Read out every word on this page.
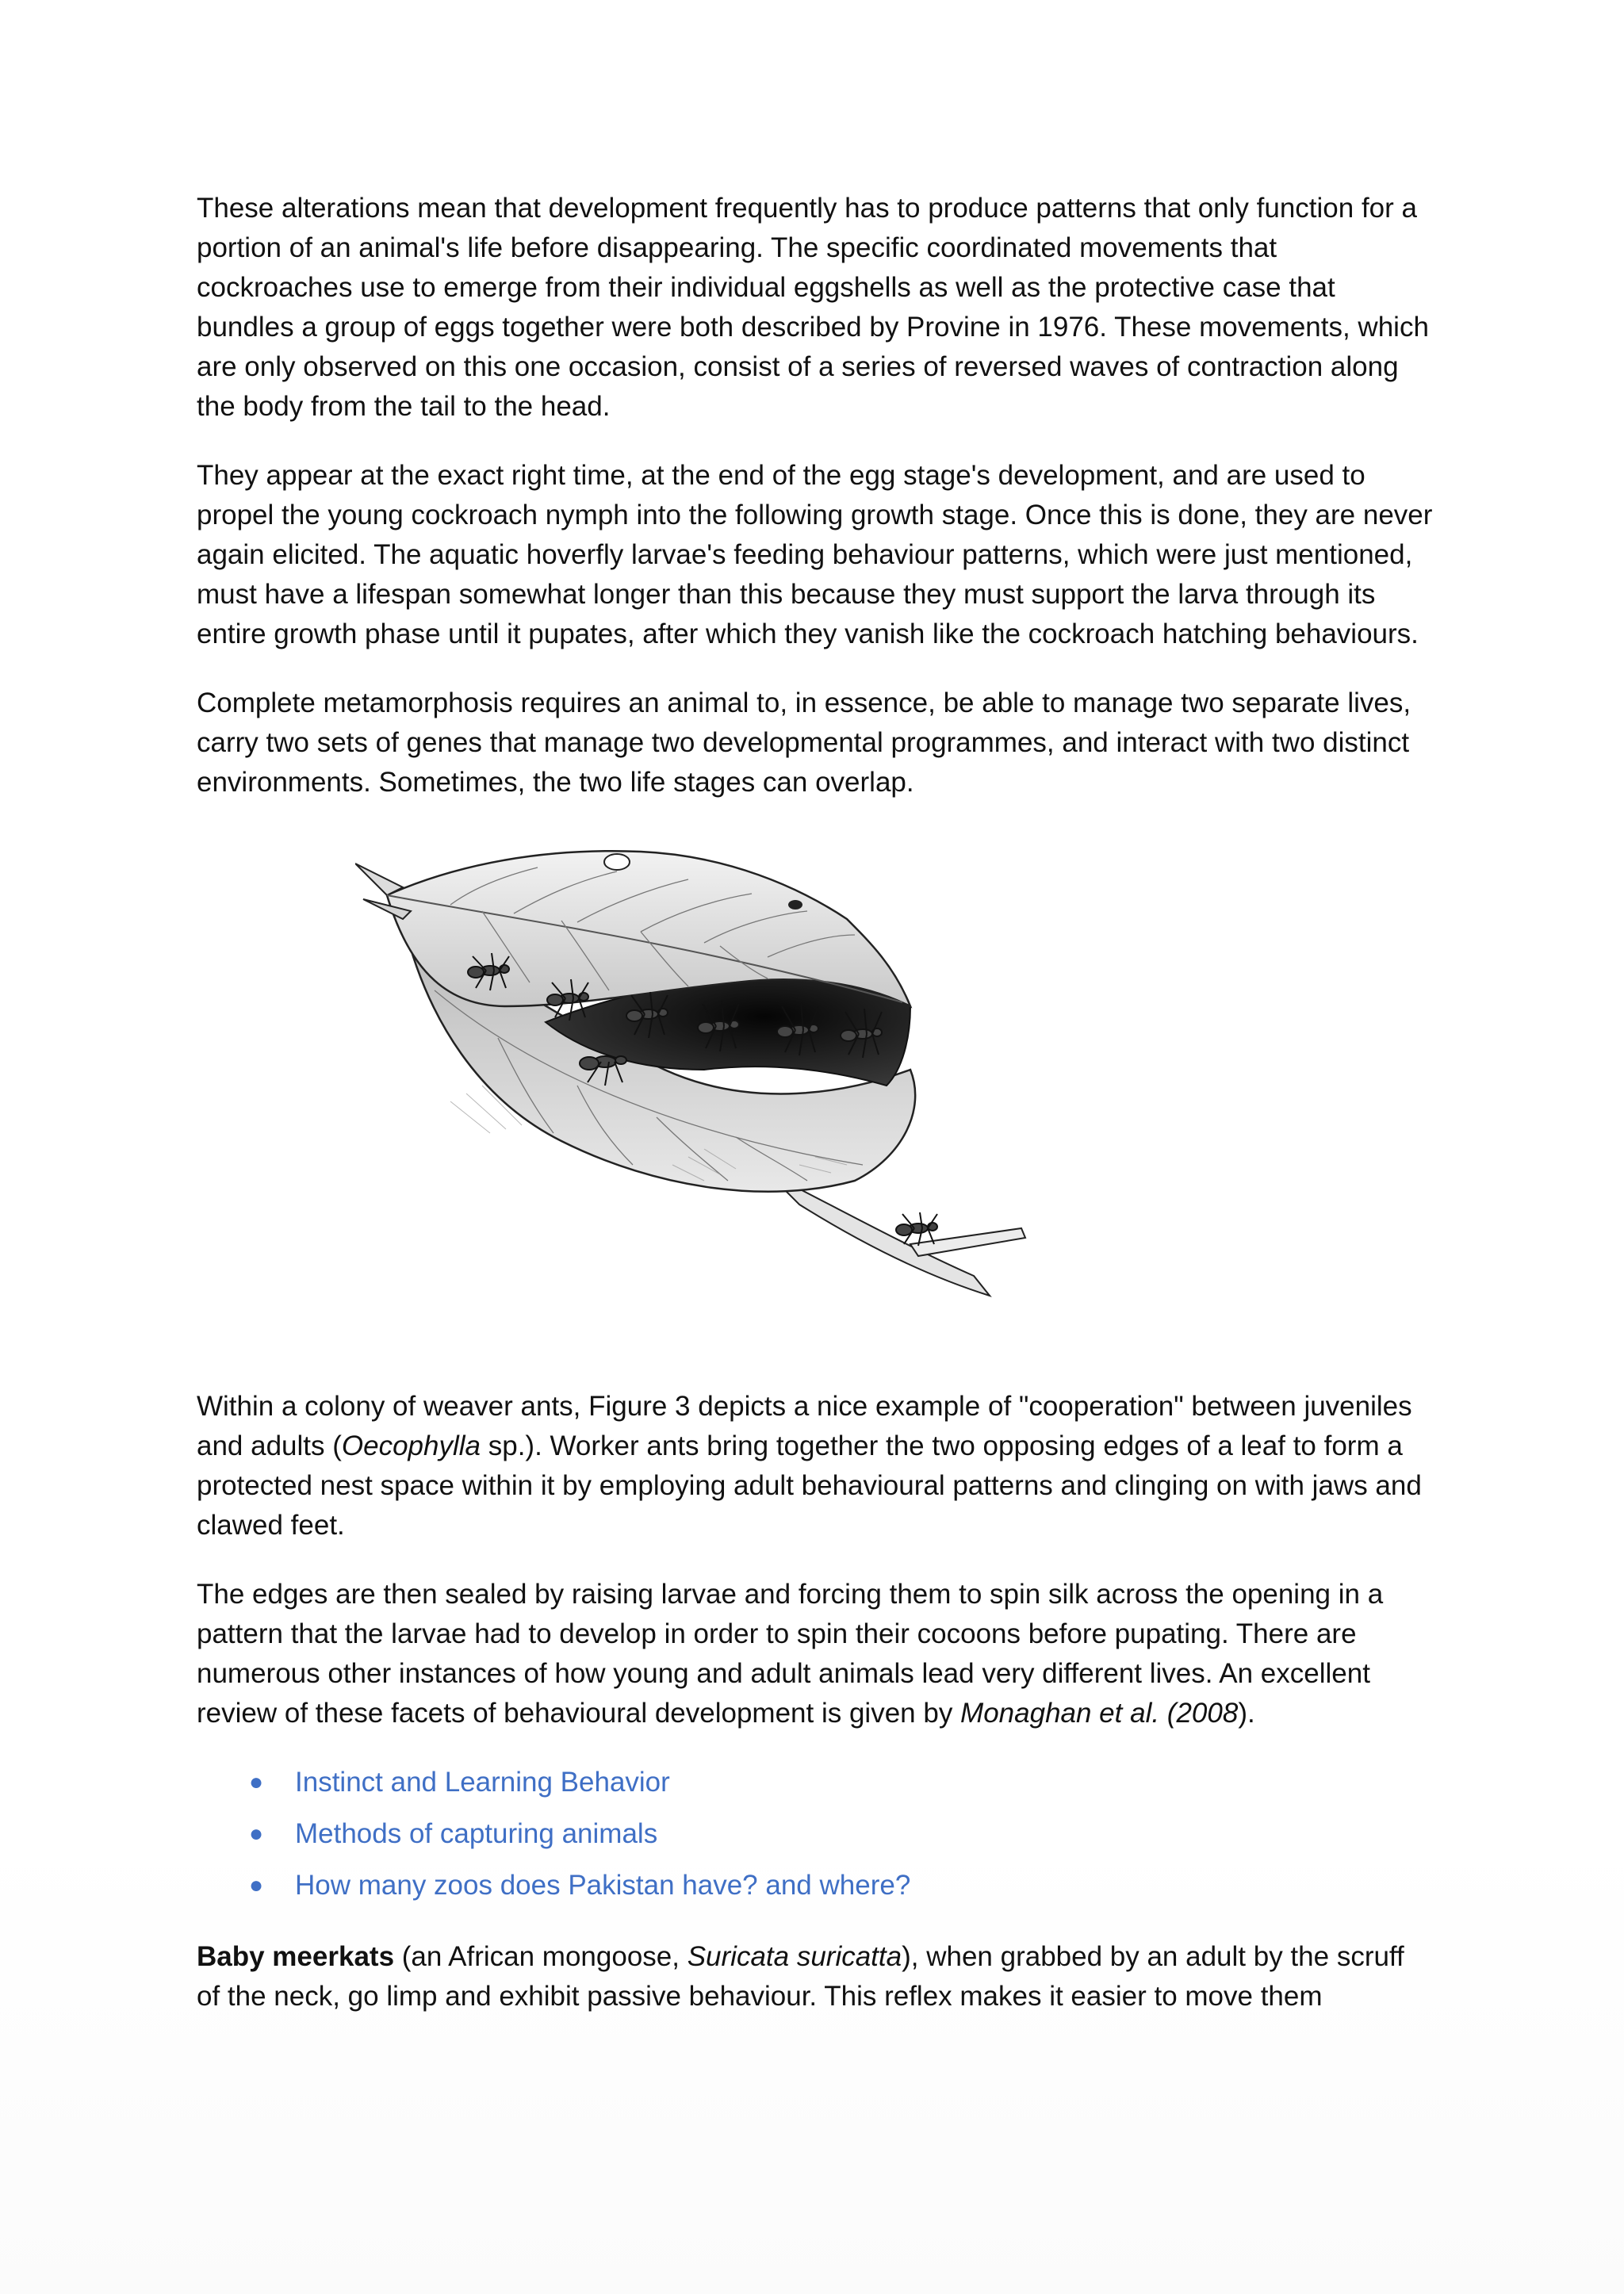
These alterations mean that development frequently has to produce patterns that only function for a portion of an animal's life before disappearing. The specific coordinated movements that cockroaches use to emerge from their individual eggshells as well as the protective case that bundles a group of eggs together were both described by Provine in 1976. These movements, which are only observed on this one occasion, consist of a series of reversed waves of contraction along the body from the tail to the head.

They appear at the exact right time, at the end of the egg stage's development, and are used to propel the young cockroach nymph into the following growth stage. Once this is done, they are never again elicited. The aquatic hoverfly larvae's feeding behaviour patterns, which were just mentioned, must have a lifespan somewhat longer than this because they must support the larva through its entire growth phase until it pupates, after which they vanish like the cockroach hatching behaviours.

Complete metamorphosis requires an animal to, in essence, be able to manage two separate lives, carry two sets of genes that manage two developmental programmes, and interact with two distinct environments. Sometimes, the two life stages can overlap.

Within a colony of weaver ants, Figure 3 depicts a nice example of "cooperation" between juveniles and adults (Oecophylla sp.). Worker ants bring together the two opposing edges of a leaf to form a protected nest space within it by employing adult behavioural patterns and clinging on with jaws and clawed feet.

The edges are then sealed by raising larvae and forcing them to spin silk across the opening in a pattern that the larvae had to develop in order to spin their cocoons before pupating. There are numerous other instances of how young and adult animals lead very different lives. An excellent review of these facets of behavioural development is given by Monaghan et al. (2008).

● Instinct and Learning Behavior
● Methods of capturing animals
● How many zoos does Pakistan have? and where?

Baby meerkats (an African mongoose, Suricata suricatta), when grabbed by an adult by the scruff of the neck, go limp and exhibit passive behaviour. This reflex makes it easier to move them
